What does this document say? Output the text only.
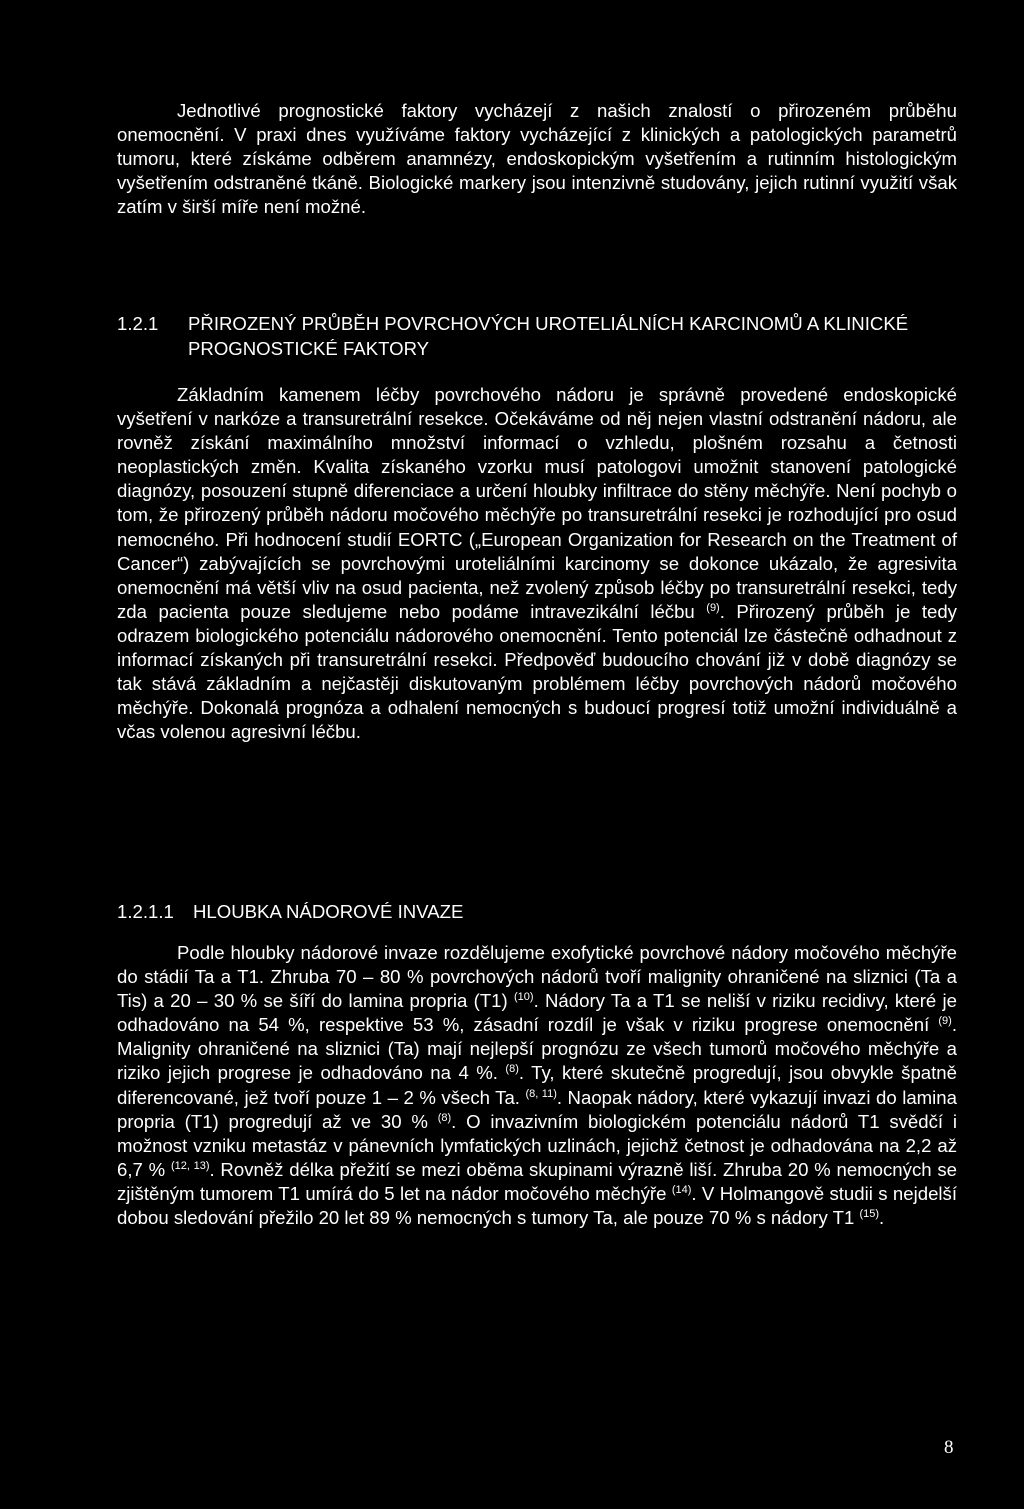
Jednotlivé prognostické faktory vycházejí z našich znalostí o přirozeném průběhu onemocnění. V praxi dnes využíváme faktory vycházející z klinických a patologických parametrů tumoru, které získáme odběrem anamnézy, endoskopickým vyšetřením a rutinním histologickým vyšetřením odstraněné tkáně. Biologické markery jsou intenzivně studovány, jejich rutinní využití však zatím v širší míře není možné.

1.2.1 PŘIROZENÝ PRŮBĚH POVRCHOVÝCH UROTELIÁLNÍCH KARCINOMŮ A KLINICKÉ PROGNOSTICKÉ FAKTORY

Základním kamenem léčby povrchového nádoru je správně provedené endoskopické vyšetření v narkóze a transuretrální resekce. Očekáváme od něj nejen vlastní odstranění nádoru, ale rovněž získání maximálního množství informací o vzhledu, plošném rozsahu a četnosti neoplastických změn. Kvalita získaného vzorku musí patologovi umožnit stanovení patologické diagnózy, posouzení stupně diferenciace a určení hloubky infiltrace do stěny měchýře. Není pochyb o tom, že přirozený průběh nádoru močového měchýře po transuretrální resekci je rozhodující pro osud nemocného. Při hodnocení studií EORTC („European Organization for Research on the Treatment of Cancer“) zabývajících se povrchovými uroteliálními karcinomy se dokonce ukázalo, že agresivita onemocnění má větší vliv na osud pacienta, než zvolený způsob léčby po transuretrální resekci, tedy zda pacienta pouze sledujeme nebo podáme intravezikální léčbu $^{(9)}$. Přirozený průběh je tedy odrazem biologického potenciálu nádorového onemocnění. Tento potenciál lze částečně odhadnout z informací získaných při transuretrální resekci. Předpověď budoucího chování již v době diagnózy se tak stává základním a nejčastěji diskutovaným problémem léčby povrchových nádorů močového měchýře. Dokonalá prognóza a odhalení nemocných s budoucí progresí totiž umožní individuálně a včas volenou agresivní léčbu.

1.2.1.1 HLOUBKA NÁDOROVÉ INVAZE

Podle hloubky nádorové invaze rozdělujeme exofytické povrchové nádory močového měchýře do stádií Ta a T1. Zhruba 70 – 80 % povrchových nádorů tvoří malignity ohraničené na sliznici (Ta a Tis) a 20 – 30 % se šíří do lamina propria (T1) $^{(10)}$. Nádory Ta a T1 se neliší v riziku recidivy, které je odhadováno na 54 %, respektive 53 %, zásadní rozdíl je však v riziku progrese onemocnění $^{(9)}$. Malignity ohraničené na sliznici (Ta) mají nejlepší prognózu ze všech tumorů močového měchýře a riziko jejich progrese je odhadováno na 4 %. $^{(8)}$. Ty, které skutečně progredují, jsou obvykle špatně diferencované, jež tvoří pouze 1 – 2 % všech Ta. $^{(8, 11)}$. Naopak nádory, které vykazují invazi do lamina propria (T1) progredují až ve 30 % $^{(8)}$. O invazivním biologickém potenciálu nádorů T1 svědčí i možnost vzniku metastáz v pánevních lymfatických uzlinách, jejichž četnost je odhadována na 2,2 až 6,7 % $^{(12, 13)}$. Rovněž délka přežití se mezi oběma skupinami výrazně liší. Zhruba 20 % nemocných se zjištěným tumorem T1 umírá do 5 let na nádor močového měchýře $^{(14)}$. V Holmangově studii s nejdelší dobou sledování přežilo 20 let 89 % nemocných s tumory Ta, ale pouze 70 % s nádory T1 $^{(15)}$.

8
